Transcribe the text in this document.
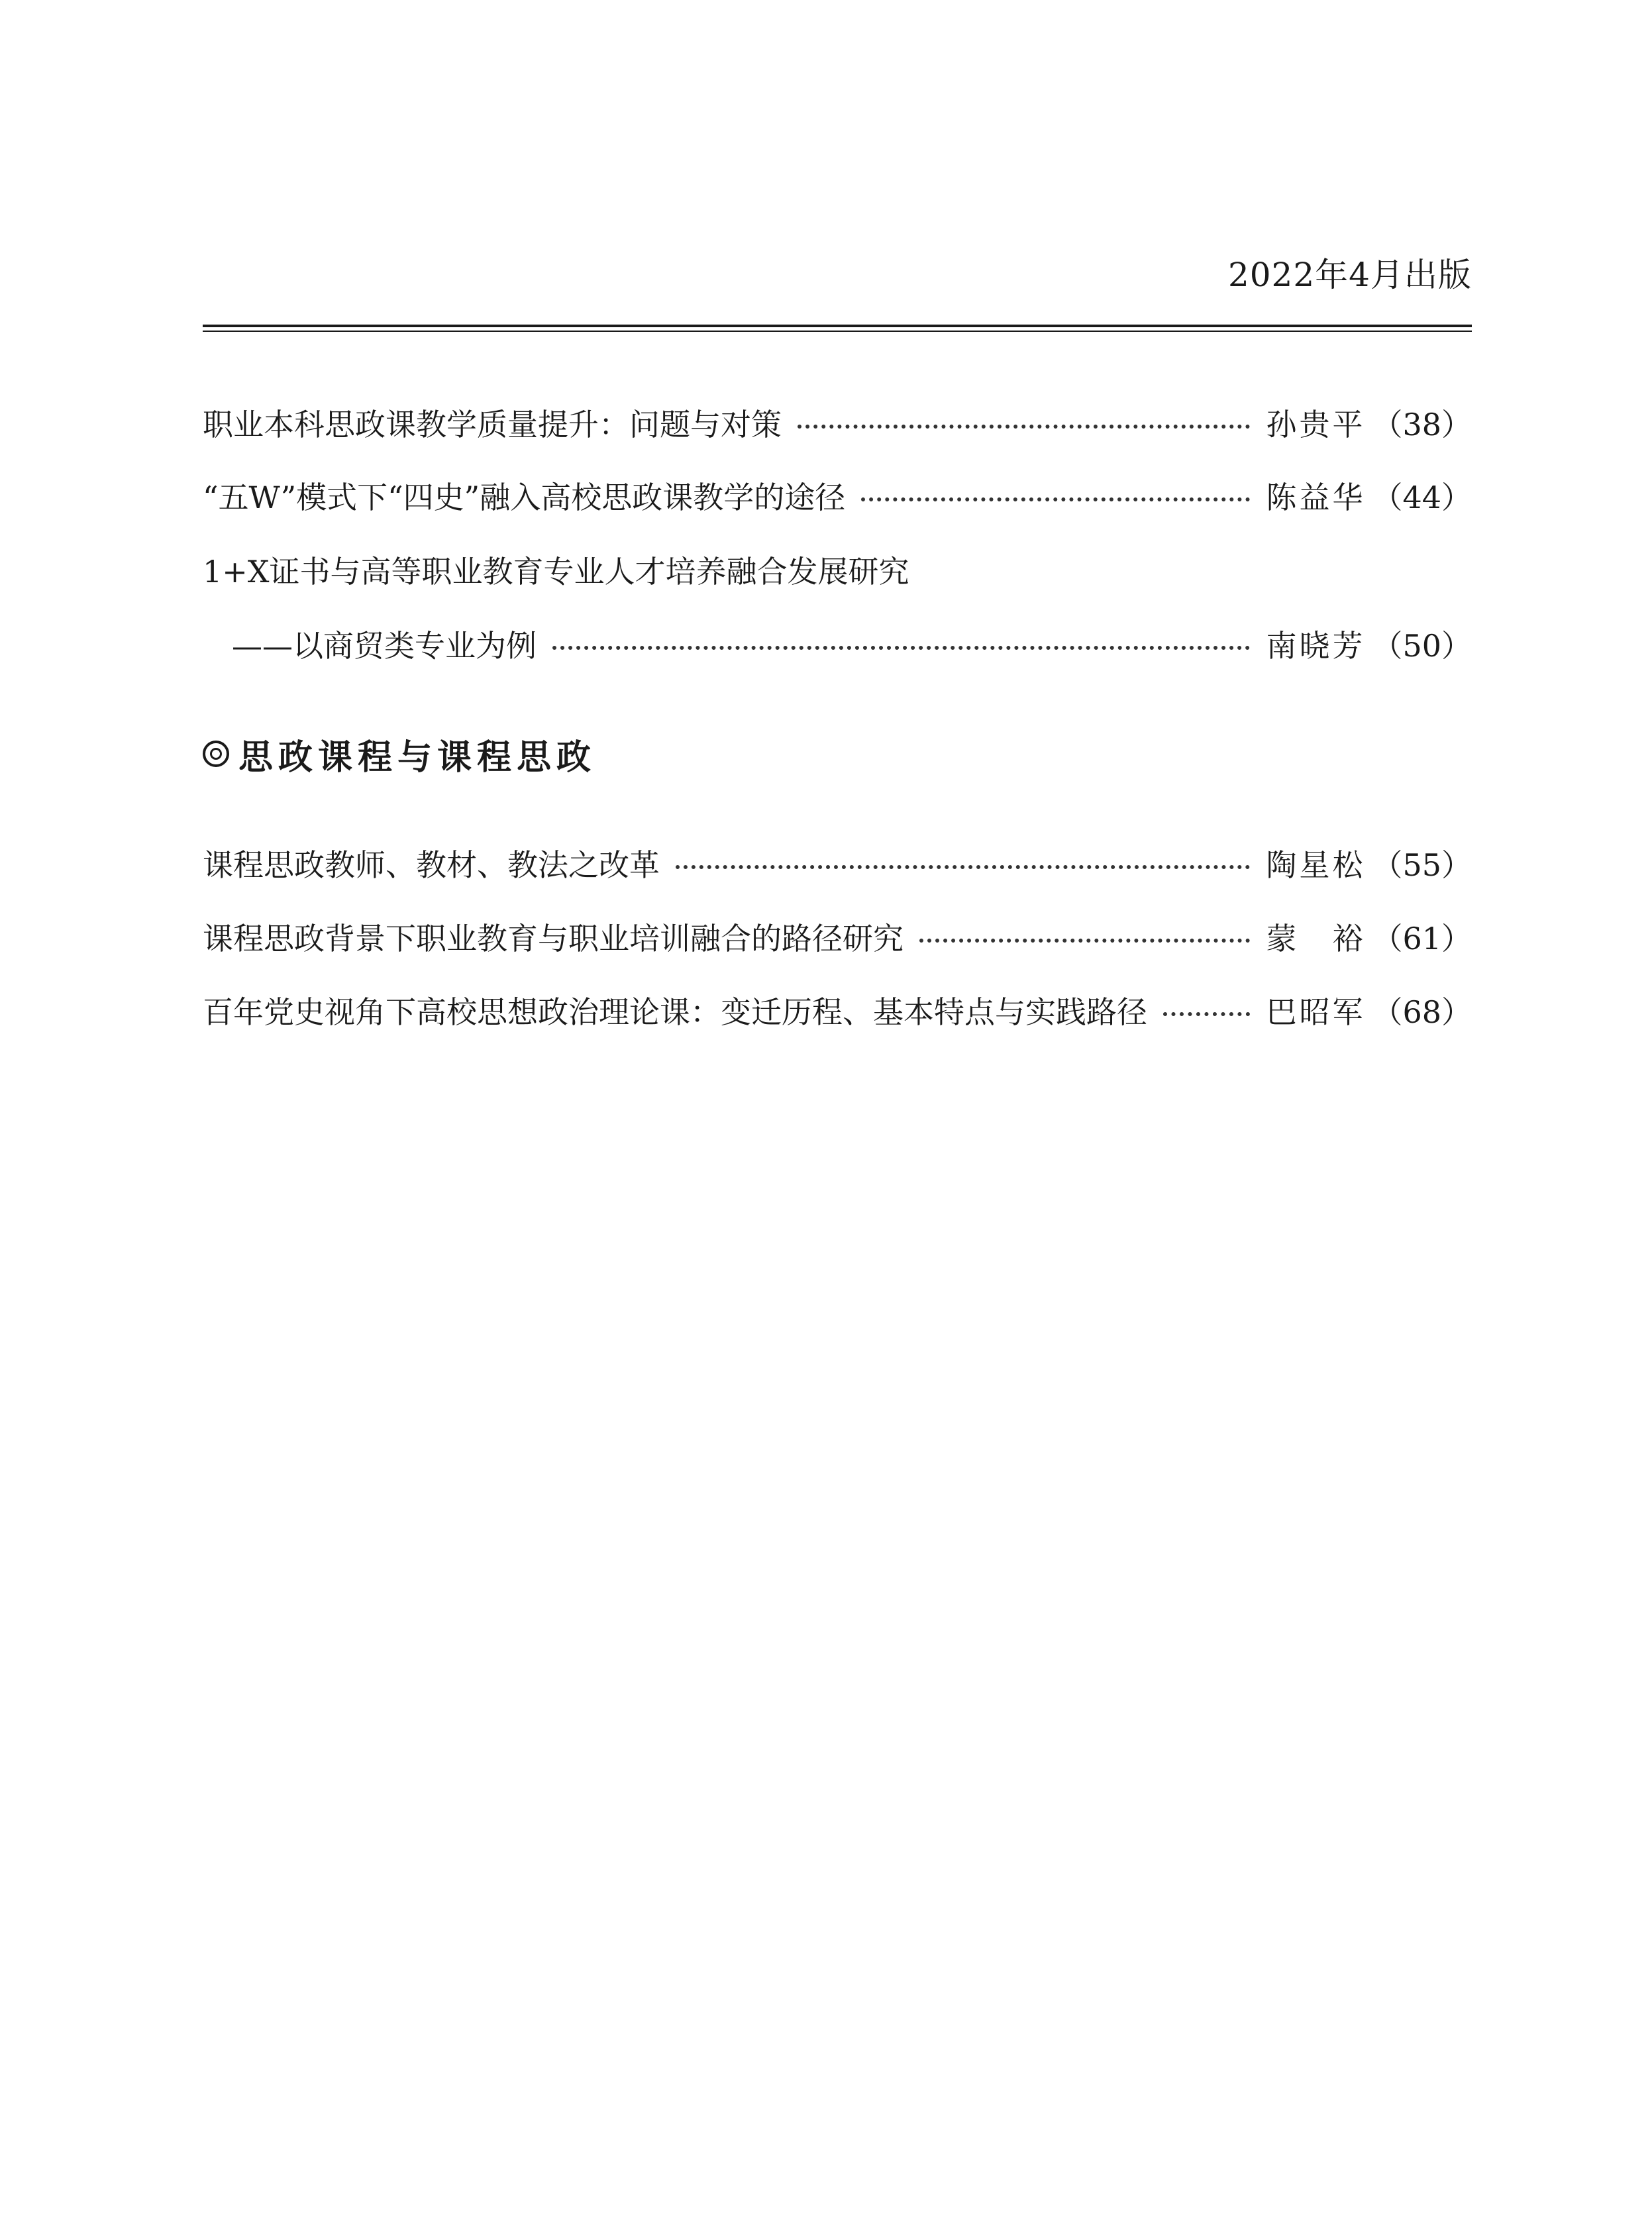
2022年4月出版
职业本科思政课教学质量提升：问题与对策	孙贵平 （38）
“五W”模式下“四史”融入高校思政课教学的途径	陈益华 （44）
1+X证书与高等职业教育专业人才培养融合发展研究
——以商贸类专业为例	南晓芳 （50）
思政课程与课程思政
课程思政教师、教材、教法之改革	陶星松 （55）
课程思政背景下职业教育与职业培训融合的路径研究	蒙　裕 （61）
百年党史视角下高校思想政治理论课：变迁历程、基本特点与实践路径	巴昭军 （68）
